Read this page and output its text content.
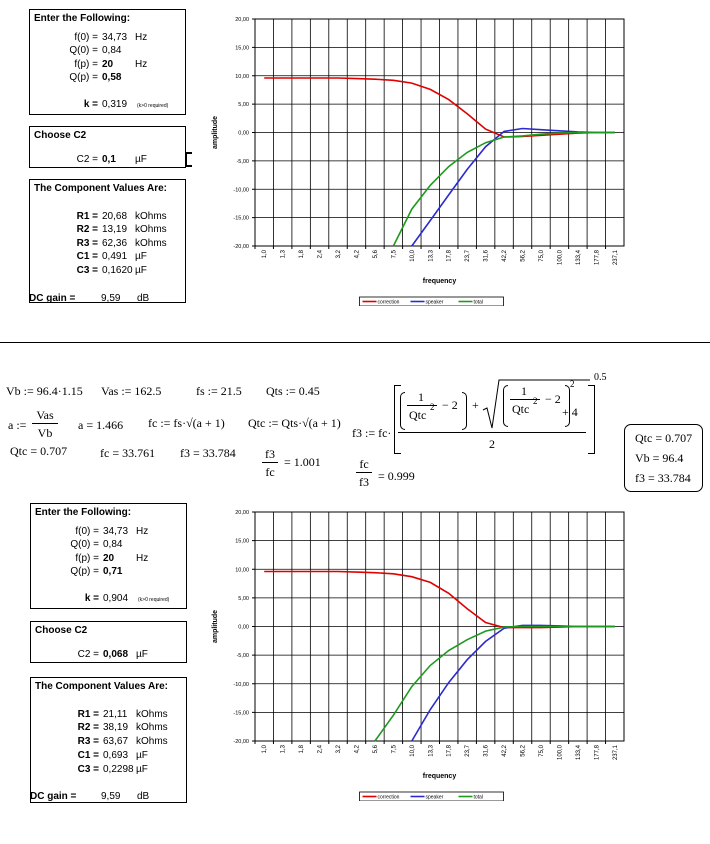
Enter the Following:
f(0) = 34,73 Hz
Q(0) = 0,84
f(p) = 20 Hz
Q(p) = 0,58
k = 0,319 (k>0 required)
Choose C2
C2 = 0,1 µF
The Component Values Are:
R1 = 20,68 kOhms
R2 = 13,19 kOhms
R3 = 62,36 kOhms
C1 = 0,491 µF
C3 = 0,1620 µF
DC gain =	9,59 dB
20,00
15,00
10,00
5,00
0,00
-5,00
-10,00
-15,00
-20,00
1,0 1,3 1,8 2,4 3,2 4,2 5,6 7,5 10,0 13,3 17,8 23,7 31,6 42,2 56,2 75,0 100,0 133,4 177,8 237,1
amplitude
frequency
correction	speaker	total
Vb := 96.4·1.15 Vas := 162.5	fs := 21.5 Qts := 0.45
a :=
Vas
Vb
a = 1.466 fc := fs·√(a + 1) Qtc := Qts·√(a + 1)
Qtc = 0.707	fc = 33.761 f3 = 33.784	f3
fc
= 1.001	fc
f3 = 0.999
f3 := fc·
0.5
1
Qtc
2 − 2 +
1
Qtc
2 − 2
2
+ 4
2	Qtc = 0.707
Vb = 96.4
f3 = 33.784
Enter the Following:
f(0) = 34,73 Hz
Q(0) = 0,84
f(p) = 20 Hz
Q(p) = 0,71
k = 0,904 (k>0 required)
Choose C2
C2 = 0,068 µF
The Component Values Are:
R1 = 21,11 kOhms
R2 = 38,19 kOhms
R3 = 63,67 kOhms
C1 = 0,693 µF
C3 = 0,2298 µF
DC gain = 9,59 dB
20,00
15,00
10,00
5,00
0,00
-5,00
-10,00
-15,00
-20,00
1,0 1,3 1,8 2,4 3,2 4,2 5,6 7,5 10,0 13,3 17,8 23,7 31,6 42,2 56,2 75,0 100,0 133,4 177,8 237,1
amplitude
frequency
correction	speaker	total
